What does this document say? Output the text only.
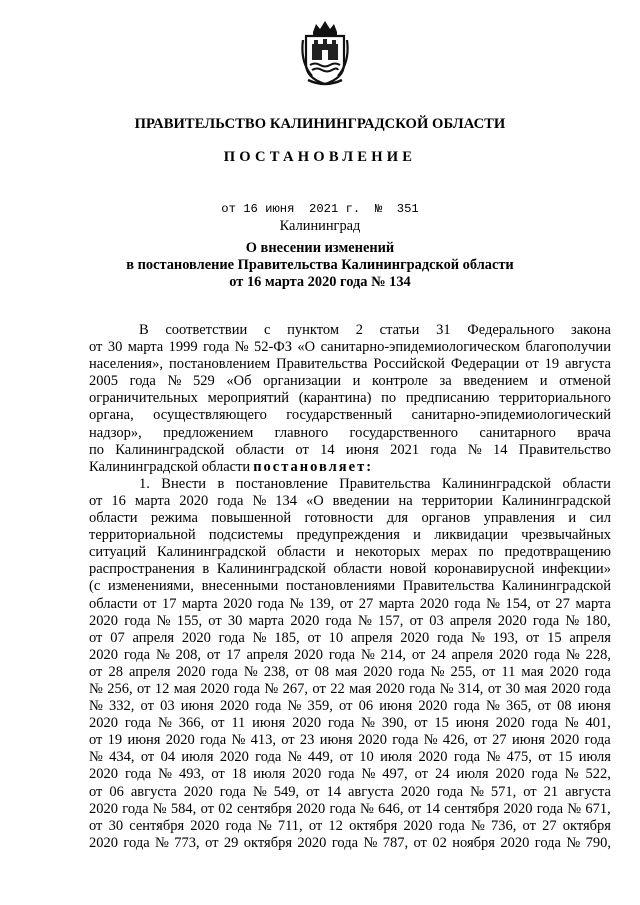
ПРАВИТЕЛЬСТВО КАЛИНИНГРАДСКОЙ ОБЛАСТИ
ПОСТАНОВЛЕНИЕ
от 16 июня  2021 г.  №  351
Калининград
О внесении изменений
в постановление Правительства Калининградской области
от 16 марта 2020 года № 134
В соответствии с пунктом 2 статьи 31 Федерального закона
от 30 марта 1999 года № 52-ФЗ «О санитарно-эпидемиологическом благополучии
населения», постановлением Правительства Российской Федерации от 19 августа
2005 года № 529 «Об организации и контроле за введением и отменой
ограничительных мероприятий (карантина) по предписанию территориального
органа, осуществляющего государственный санитарно-эпидемиологический
надзор», предложением главного государственного санитарного врача
по Калининградской области от 14 июня 2021 года № 14 Правительство
Калининградской области постановляет:
1. Внести в постановление Правительства Калининградской области
от 16 марта 2020 года № 134 «О введении на территории Калининградской
области режима повышенной готовности для органов управления и сил
территориальной подсистемы предупреждения и ликвидации чрезвычайных
ситуаций Калининградской области и некоторых мерах по предотвращению
распространения в Калининградской области новой коронавирусной инфекции»
(с изменениями, внесенными постановлениями Правительства Калининградской
области от 17 марта 2020 года № 139, от 27 марта 2020 года № 154, от 27 марта
2020 года № 155, от 30 марта 2020 года № 157, от 03 апреля 2020 года № 180,
от 07 апреля 2020 года № 185, от 10 апреля 2020 года № 193, от 15 апреля
2020 года № 208, от 17 апреля 2020 года № 214, от 24 апреля 2020 года № 228,
от 28 апреля 2020 года № 238, от 08 мая 2020 года № 255, от 11 мая 2020 года
№ 256, от 12 мая 2020 года № 267, от 22 мая 2020 года № 314, от 30 мая 2020 года
№ 332, от 03 июня 2020 года № 359, от 06 июня 2020 года № 365, от 08 июня
2020 года № 366, от 11 июня 2020 года № 390, от 15 июня 2020 года № 401,
от 19 июня 2020 года № 413, от 23 июня 2020 года № 426, от 27 июня 2020 года
№ 434, от 04 июля 2020 года № 449, от 10 июля 2020 года № 475, от 15 июля
2020 года № 493, от 18 июля 2020 года № 497, от 24 июля 2020 года № 522,
от 06 августа 2020 года № 549, от 14 августа 2020 года № 571, от 21 августа
2020 года № 584, от 02 сентября 2020 года № 646, от 14 сентября 2020 года № 671,
от 30 сентября 2020 года № 711, от 12 октября 2020 года № 736, от 27 октября
2020 года № 773, от 29 октября 2020 года № 787, от 02 ноября 2020 года № 790,
